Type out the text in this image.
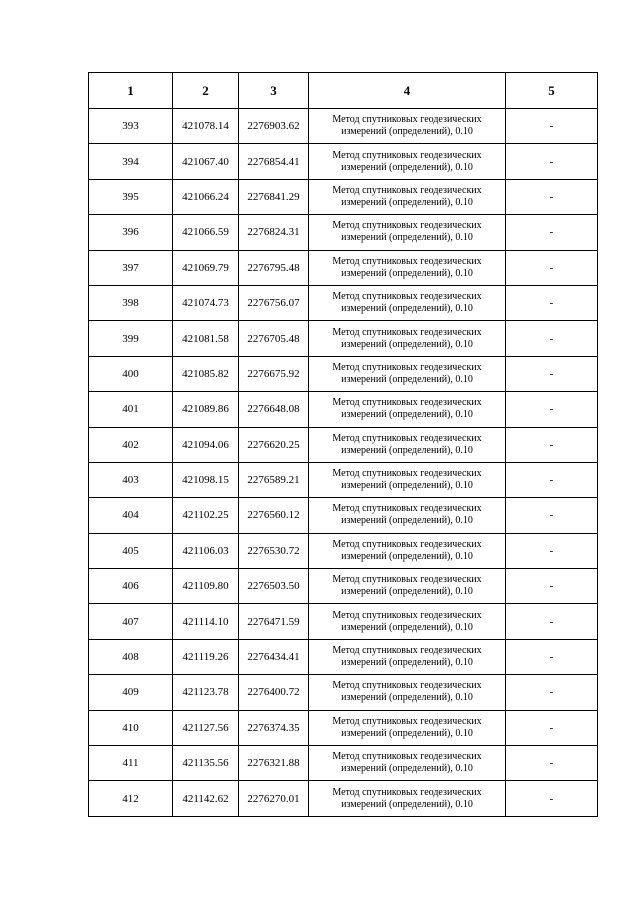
1	2	3	4	5
393	421078.14	2276903.62	Метод спутниковых геодезических измерений (определений), 0.10	-
394	421067.40	2276854.41	Метод спутниковых геодезических измерений (определений), 0.10	-
395	421066.24	2276841.29	Метод спутниковых геодезических измерений (определений), 0.10	-
396	421066.59	2276824.31	Метод спутниковых геодезических измерений (определений), 0.10	-
397	421069.79	2276795.48	Метод спутниковых геодезических измерений (определений), 0.10	-
398	421074.73	2276756.07	Метод спутниковых геодезических измерений (определений), 0.10	-
399	421081.58	2276705.48	Метод спутниковых геодезических измерений (определений), 0.10	-
400	421085.82	2276675.92	Метод спутниковых геодезических измерений (определений), 0.10	-
401	421089.86	2276648.08	Метод спутниковых геодезических измерений (определений), 0.10	-
402	421094.06	2276620.25	Метод спутниковых геодезических измерений (определений), 0.10	-
403	421098.15	2276589.21	Метод спутниковых геодезических измерений (определений), 0.10	-
404	421102.25	2276560.12	Метод спутниковых геодезических измерений (определений), 0.10	-
405	421106.03	2276530.72	Метод спутниковых геодезических измерений (определений), 0.10	-
406	421109.80	2276503.50	Метод спутниковых геодезических измерений (определений), 0.10	-
407	421114.10	2276471.59	Метод спутниковых геодезических измерений (определений), 0.10	-
408	421119.26	2276434.41	Метод спутниковых геодезических измерений (определений), 0.10	-
409	421123.78	2276400.72	Метод спутниковых геодезических измерений (определений), 0.10	-
410	421127.56	2276374.35	Метод спутниковых геодезических измерений (определений), 0.10	-
411	421135.56	2276321.88	Метод спутниковых геодезических измерений (определений), 0.10	-
412	421142.62	2276270.01	Метод спутниковых геодезических измерений (определений), 0.10	-
